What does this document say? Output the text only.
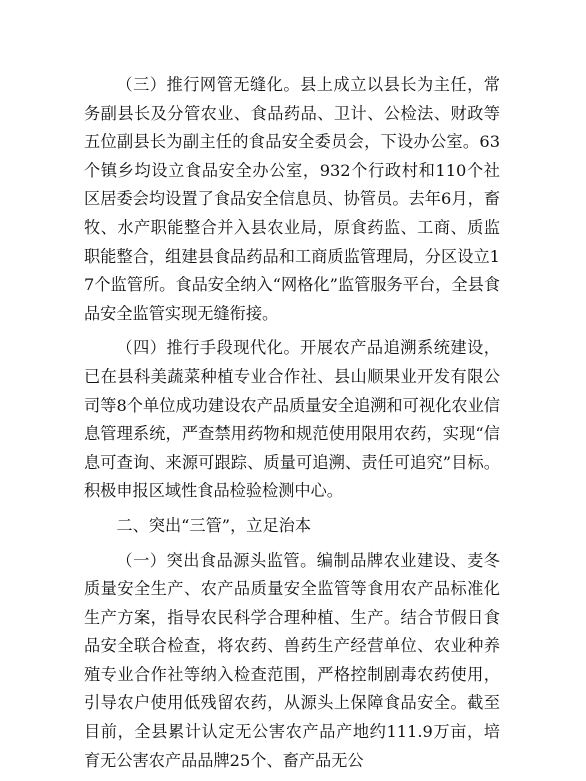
（三）推行网管无缝化。县上成立以县长为主任，常务副县长及分管农业、食品药品、卫计、公检法、财政等五位副县长为副主任的食品安全委员会，下设办公室。63个镇乡均设立食品安全办公室，932个行政村和110个社区居委会均设置了食品安全信息员、协管员。去年6月，畜牧、水产职能整合并入县农业局，原食药监、工商、质监职能整合，组建县食品药品和工商质监管理局，分区设立17个监管所。食品安全纳入“网格化”监管服务平台，全县食品安全监管实现无缝衔接。

（四）推行手段现代化。开展农产品追溯系统建设，已在县科美蔬菜种植专业合作社、县山顺果业开发有限公司等8个单位成功建设农产品质量安全追溯和可视化农业信息管理系统，严查禁用药物和规范使用限用农药，实现“信息可查询、来源可跟踪、质量可追溯、责任可追究”目标。积极申报区域性食品检验检测中心。

二、突出“三管”，立足治本

（一）突出食品源头监管。编制品牌农业建设、麦冬质量安全生产、农产品质量安全监管等食用农产品标准化生产方案，指导农民科学合理种植、生产。结合节假日食品安全联合检查，将农药、兽药生产经营单位、农业种养殖专业合作社等纳入检查范围，严格控制剧毒农药使用，引导农户使用低残留农药，从源头上保障食品安全。截至目前，全县累计认定无公害农产品产地约111.9万亩，培育无公害农产品品牌25个、畜产品无公
